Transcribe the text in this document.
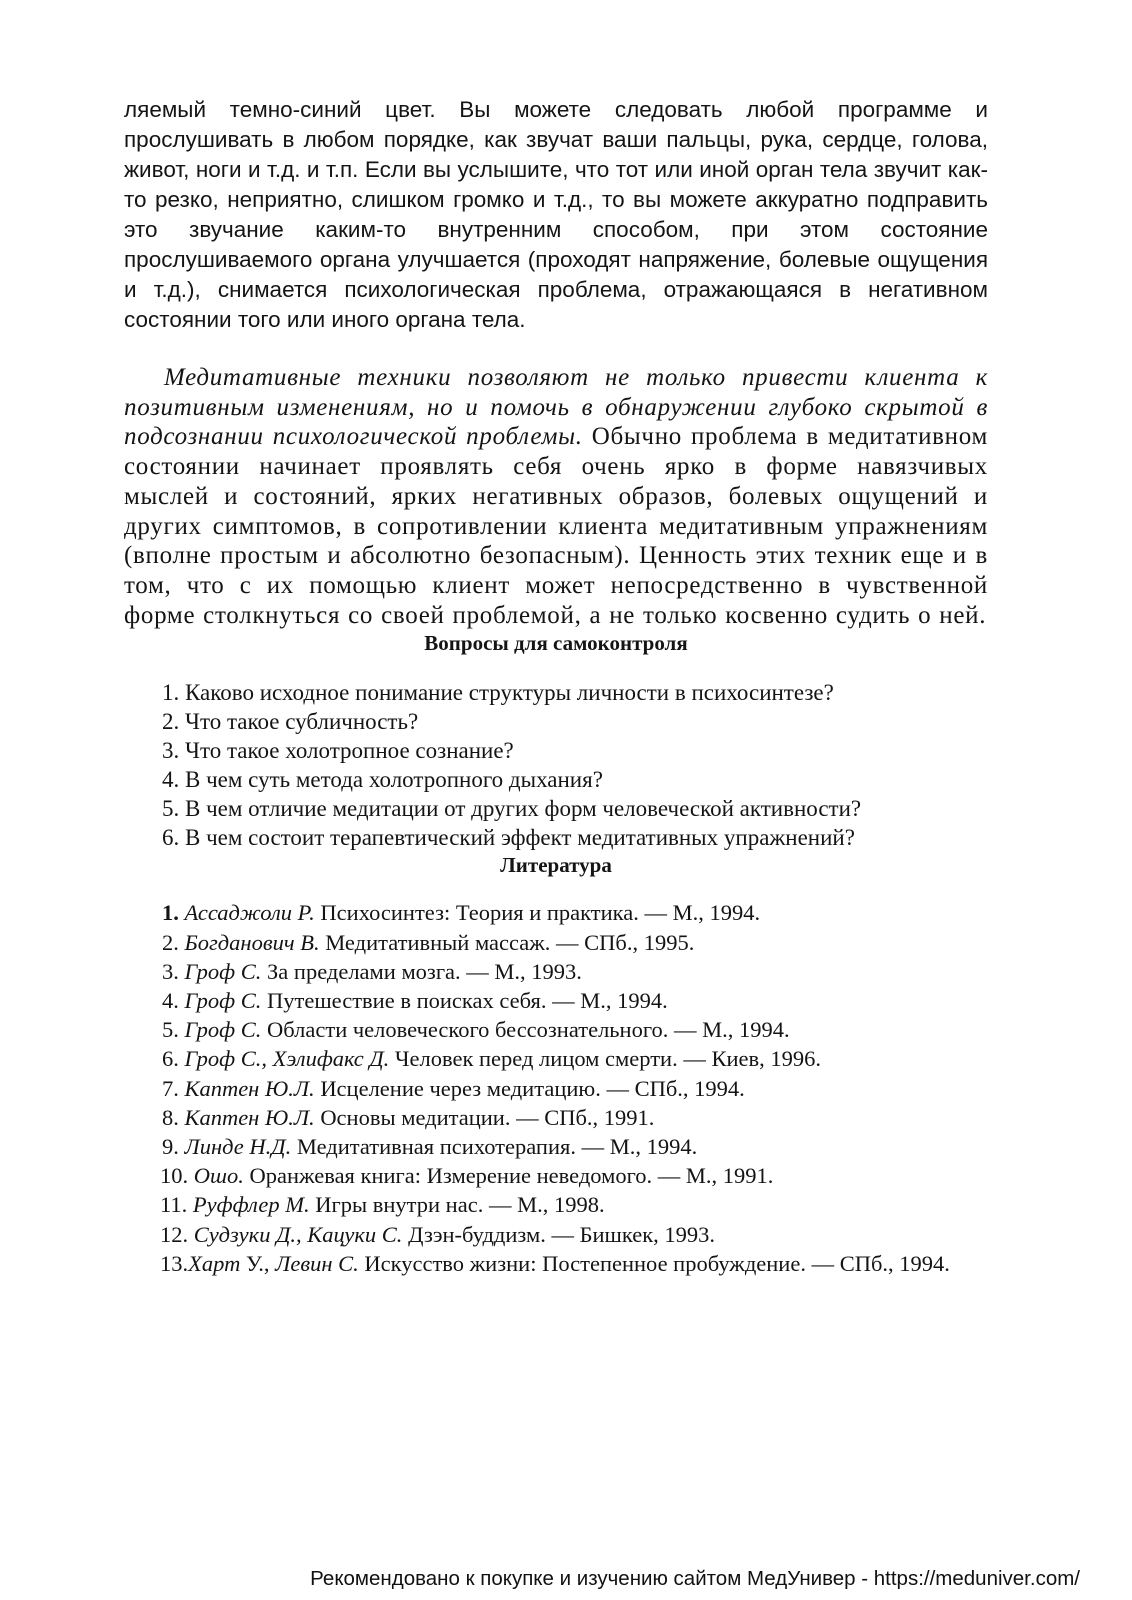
ляемый темно-синий цвет. Вы можете следовать любой программе и прослушивать в любом порядке, как звучат ваши пальцы, рука, сердце, голова, живот, ноги и т.д. и т.п. Если вы услышите, что тот или иной орган тела звучит как-то резко, неприятно, слишком громко и т.д., то вы можете аккуратно подправить это звучание каким-то внутренним способом, при этом состояние прослушиваемого органа улучшается (проходят напряжение, болевые ощущения и т.д.), снимается психологическая проблема, отражающаяся в негативном состоянии того или иного органа тела.

Медитативные техники позволяют не только привести клиента к позитивным изменениям, но и помочь в обнаружении глубоко скрытой в подсознании психологической проблемы. Обычно проблема в медитативном состоянии начинает проявлять себя очень ярко в форме навязчивых мыслей и состояний, ярких негативных образов, болевых ощущений и других симптомов, в сопротивлении клиента медитативным упражнениям (вполне простым и абсолютно безопасным). Ценность этих техник еще и в том, что с их помощью клиент может непосредственно в чувственной форме столкнуться со своей проблемой, а не только косвенно судить о ней.

Вопросы для самоконтроля
1. Каково исходное понимание структуры личности в психосинтезе?
2. Что такое субличность?
3. Что такое холотропное сознание?
4. В чем суть метода холотропного дыхания?
5. В чем отличие медитации от других форм человеческой активности?
6. В чем состоит терапевтический эффект медитативных упражнений?
Литература
1. Ассаджоли Р. Психосинтез: Теория и практика. — М., 1994.
2. Богданович В. Медитативный массаж. — СПб., 1995.
3. Гроф С. За пределами мозга. — М., 1993.
4. Гроф С. Путешествие в поисках себя. — М., 1994.
5. Гроф С. Области человеческого бессознательного. — М., 1994.
6. Гроф С., Хэлифакс Д. Человек перед лицом смерти. — Киев, 1996.
7. Каптен Ю.Л. Исцеление через медитацию. — СПб., 1994.
8. Каптен Ю.Л. Основы медитации. — СПб., 1991.
9. Линде Н.Д. Медитативная психотерапия. — М., 1994.
10. Ошо. Оранжевая книга: Измерение неведомого. — М., 1991.
11. Руффлер М. Игры внутри нас. — М., 1998.
12. Судзуки Д., Кацуки С. Дзэн-буддизм. — Бишкек, 1993.
13.Харт У., Левин С. Искусство жизни: Постепенное пробуждение. — СПб., 1994.
Рекомендовано к покупке и изучению сайтом МедУнивер - https://meduniver.com/
